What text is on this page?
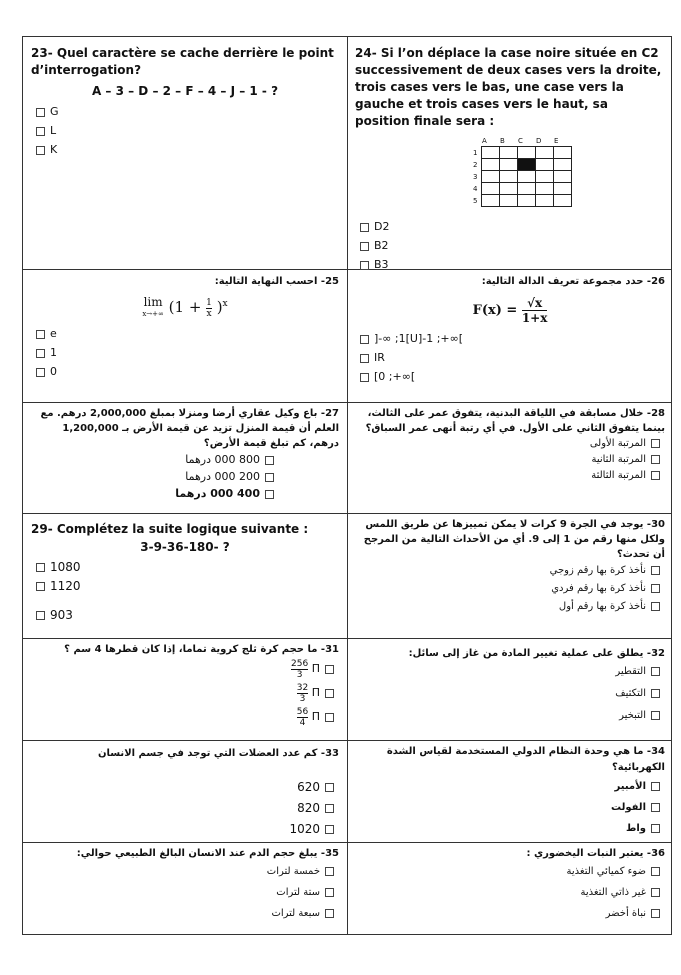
23- Quel caractère se cache derrière le point d’interrogation?
A – 3 – D – 2 – F – 4 – J – 1 - ?
G
L
K
24- Si l’on déplace la case noire située en C2 successivement de deux cases vers la droite, trois cases vers le bas, une case vers la gauche et trois cases vers le haut, sa position finale sera :
	A	B	C	D	E
1					
2					
3					
4					
5					
D2
B2
B3
25- احسب النهاية التالية:
lim
x→+∞ $(1 + \frac{1}{x} )^x$
e
1
0
26- حدد مجموعة تعريف الدالة التالية:
$F(x) = \frac{√x}{1+x}$
]-∞ ;1[U]-1 ;+∞[
IR
[0 ;+∞[
27- باع وكيل عقاري أرضا ومنزلا بمبلغ 2,000,000 درهم. مع العلم أن قيمة المنزل تزيد عن قيمة الأرض بـ 1,200,000 درهم، كم تبلغ قيمة الأرض؟
800 000 درهما
200 000 درهما
400 000 درهما
28- خلال مسابقة في اللياقة البدنية، يتفوق عمر على الثالث، بينما يتفوق الثاني على الأول. في أي رتبة أنهى عمر السباق؟
المرتبة الأولى
المرتبة الثانية
المرتبة الثالثة
29- Complétez la suite logique suivante :
3-9-36-180- ?
1080
1120
903
30- يوجد في الجرة 9 كرات لا يمكن تمييزها عن طريق اللمس ولكل منها رقم من 1 إلى 9. أي من الأحداث التالية من المرجح أن تحدث؟
نأخذ كرة بها رقم زوجي
نأخذ كرة بها رقم فردي
نأخذ كرة بها رقم أول
31- ما حجم كرة ثلج كروية تماما، إذا كان قطرها 4 سم ؟
Π
$\frac{256}{3}$
Π
$\frac{32}{3}$
Π
$\frac{56}{4}$
32- يطلق على عملية تغيير المادة من غاز إلى سائل:
التقطير
التكثيف
التبخير
33- كم عدد العضلات التي توجد في جسم الانسان
620
820
1020
34- ما هي وحدة النظام الدولي المستخدمة لقياس الشدة الكهربائية؟
الأمبير
الفولت
واط
35- يبلغ حجم الدم عند الانسان البالغ الطبيعي حوالي:
خمسة لترات
ستة لترات
سبعة لترات
36- يعتبر النبات اليخضوري :
ضوء كميائي التغذية
غير ذاتي التغذية
نباة أخضر
